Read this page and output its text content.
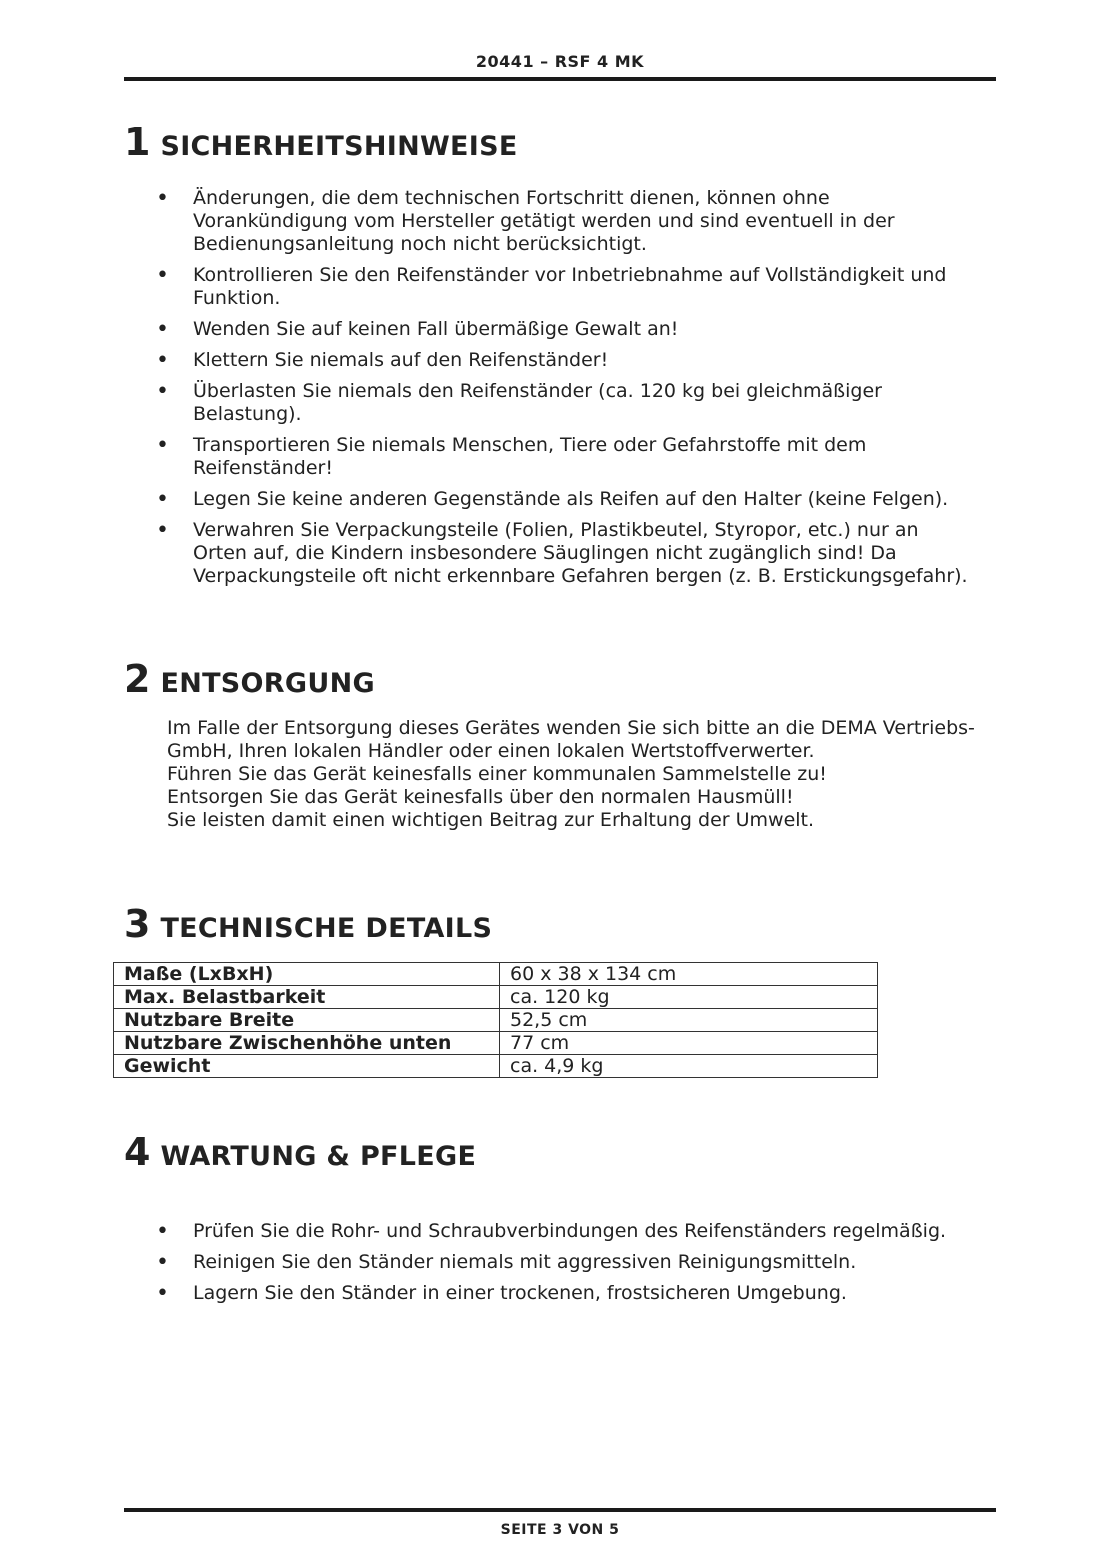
20441 – RSF 4 MK
1 SICHERHEITSHINWEISE
• Änderungen, die dem technischen Fortschritt dienen, können ohne
Vorankündigung vom Hersteller getätigt werden und sind eventuell in der
Bedienungsanleitung noch nicht berücksichtigt.
• Kontrollieren Sie den Reifenständer vor Inbetriebnahme auf Vollständigkeit und
Funktion.
• Wenden Sie auf keinen Fall übermäßige Gewalt an!
• Klettern Sie niemals auf den Reifenständer!
• Überlasten Sie niemals den Reifenständer (ca. 120 kg bei gleichmäßiger
Belastung).
• Transportieren Sie niemals Menschen, Tiere oder Gefahrstoffe mit dem
Reifenständer!
• Legen Sie keine anderen Gegenstände als Reifen auf den Halter (keine Felgen).
• Verwahren Sie Verpackungsteile (Folien, Plastikbeutel, Styropor, etc.) nur an
Orten auf, die Kindern insbesondere Säuglingen nicht zugänglich sind! Da
Verpackungsteile oft nicht erkennbare Gefahren bergen (z. B. Erstickungsgefahr).
2 ENTSORGUNG
Im Falle der Entsorgung dieses Gerätes wenden Sie sich bitte an die DEMA Vertriebs-
GmbH, Ihren lokalen Händler oder einen lokalen Wertstoffverwerter.
Führen Sie das Gerät keinesfalls einer kommunalen Sammelstelle zu!
Entsorgen Sie das Gerät keinesfalls über den normalen Hausmüll!
Sie leisten damit einen wichtigen Beitrag zur Erhaltung der Umwelt.
3 TECHNISCHE DETAILS
Maße (LxBxH)	60 x 38 x 134 cm
Max. Belastbarkeit	ca. 120 kg
Nutzbare Breite	52,5 cm
Nutzbare Zwischenhöhe unten	77 cm
Gewicht	ca. 4,9 kg
4 WARTUNG & PFLEGE
• Prüfen Sie die Rohr- und Schraubverbindungen des Reifenständers regelmäßig.
• Reinigen Sie den Ständer niemals mit aggressiven Reinigungsmitteln.
• Lagern Sie den Ständer in einer trockenen, frostsicheren Umgebung.
SEITE 3 VON 5
